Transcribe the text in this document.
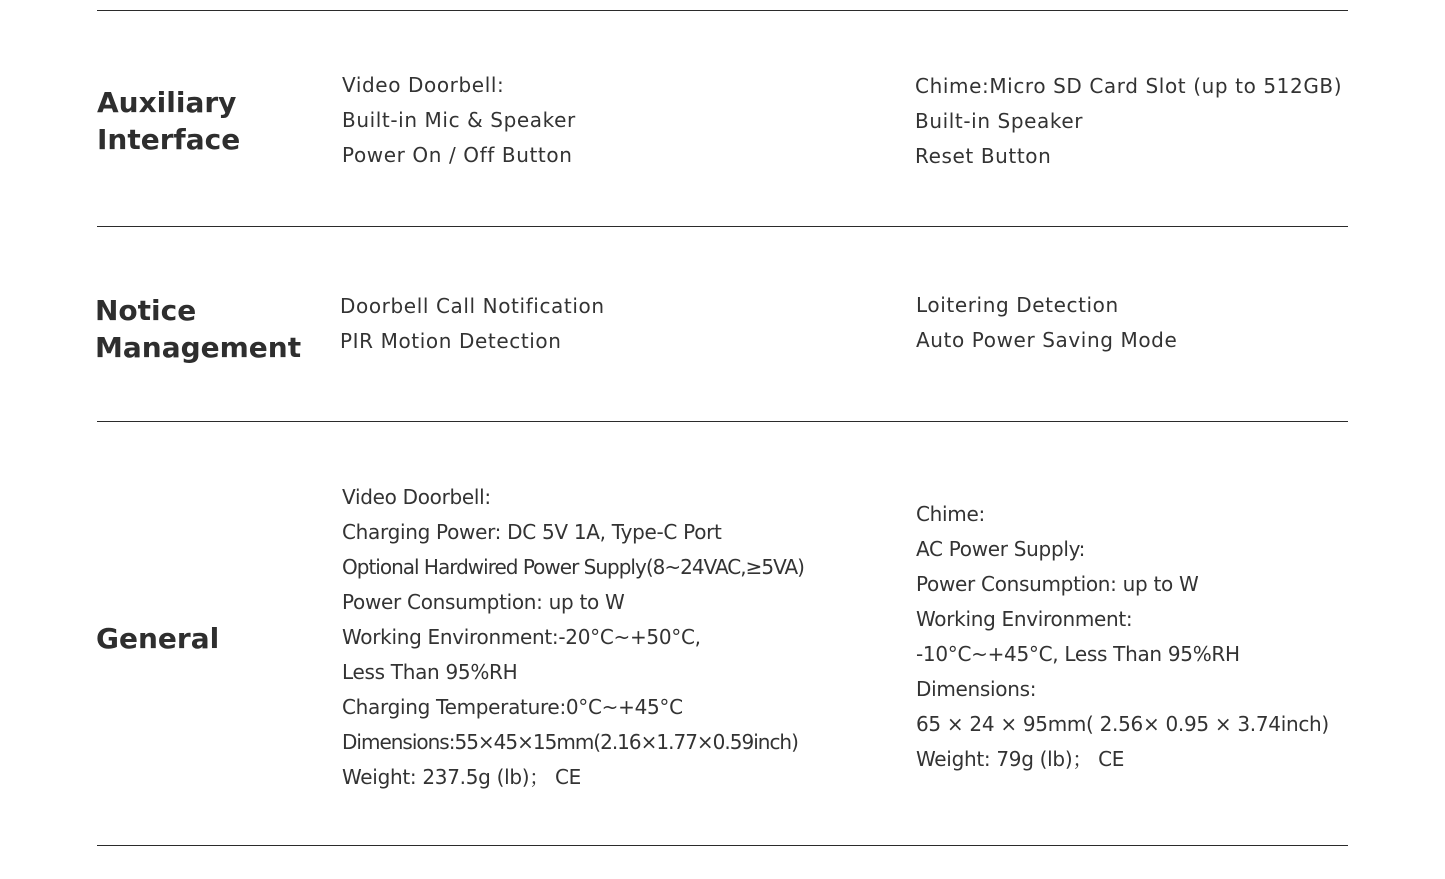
Auxiliary
Interface
Video Doorbell:
Built-in Mic & Speaker
Power On / Off Button
Chime:Micro SD Card Slot (up to 512GB)
Built-in Speaker
Reset Button
Notice
Management
Doorbell Call Notification
PIR Motion Detection
Loitering Detection
Auto Power Saving Mode
General
Video Doorbell:
Charging Power: DC 5V 1A, Type-C Port
Optional Hardwired Power Supply(8~24VAC,≥5VA)
Power Consumption: up to W
Working Environment:-20°C~+50°C,
Less Than 95%RH
Charging Temperature:0°C~+45°C
Dimensions:55×45×15mm(2.16×1.77×0.59inch)
Weight: 237.5g (lb)； CE
Chime:
AC Power Supply:
Power Consumption: up to W
Working Environment:
-10°C~+45°C, Less Than 95%RH
Dimensions:
65 × 24 × 95mm( 2.56× 0.95 × 3.74inch)
Weight: 79g (lb)； CE
